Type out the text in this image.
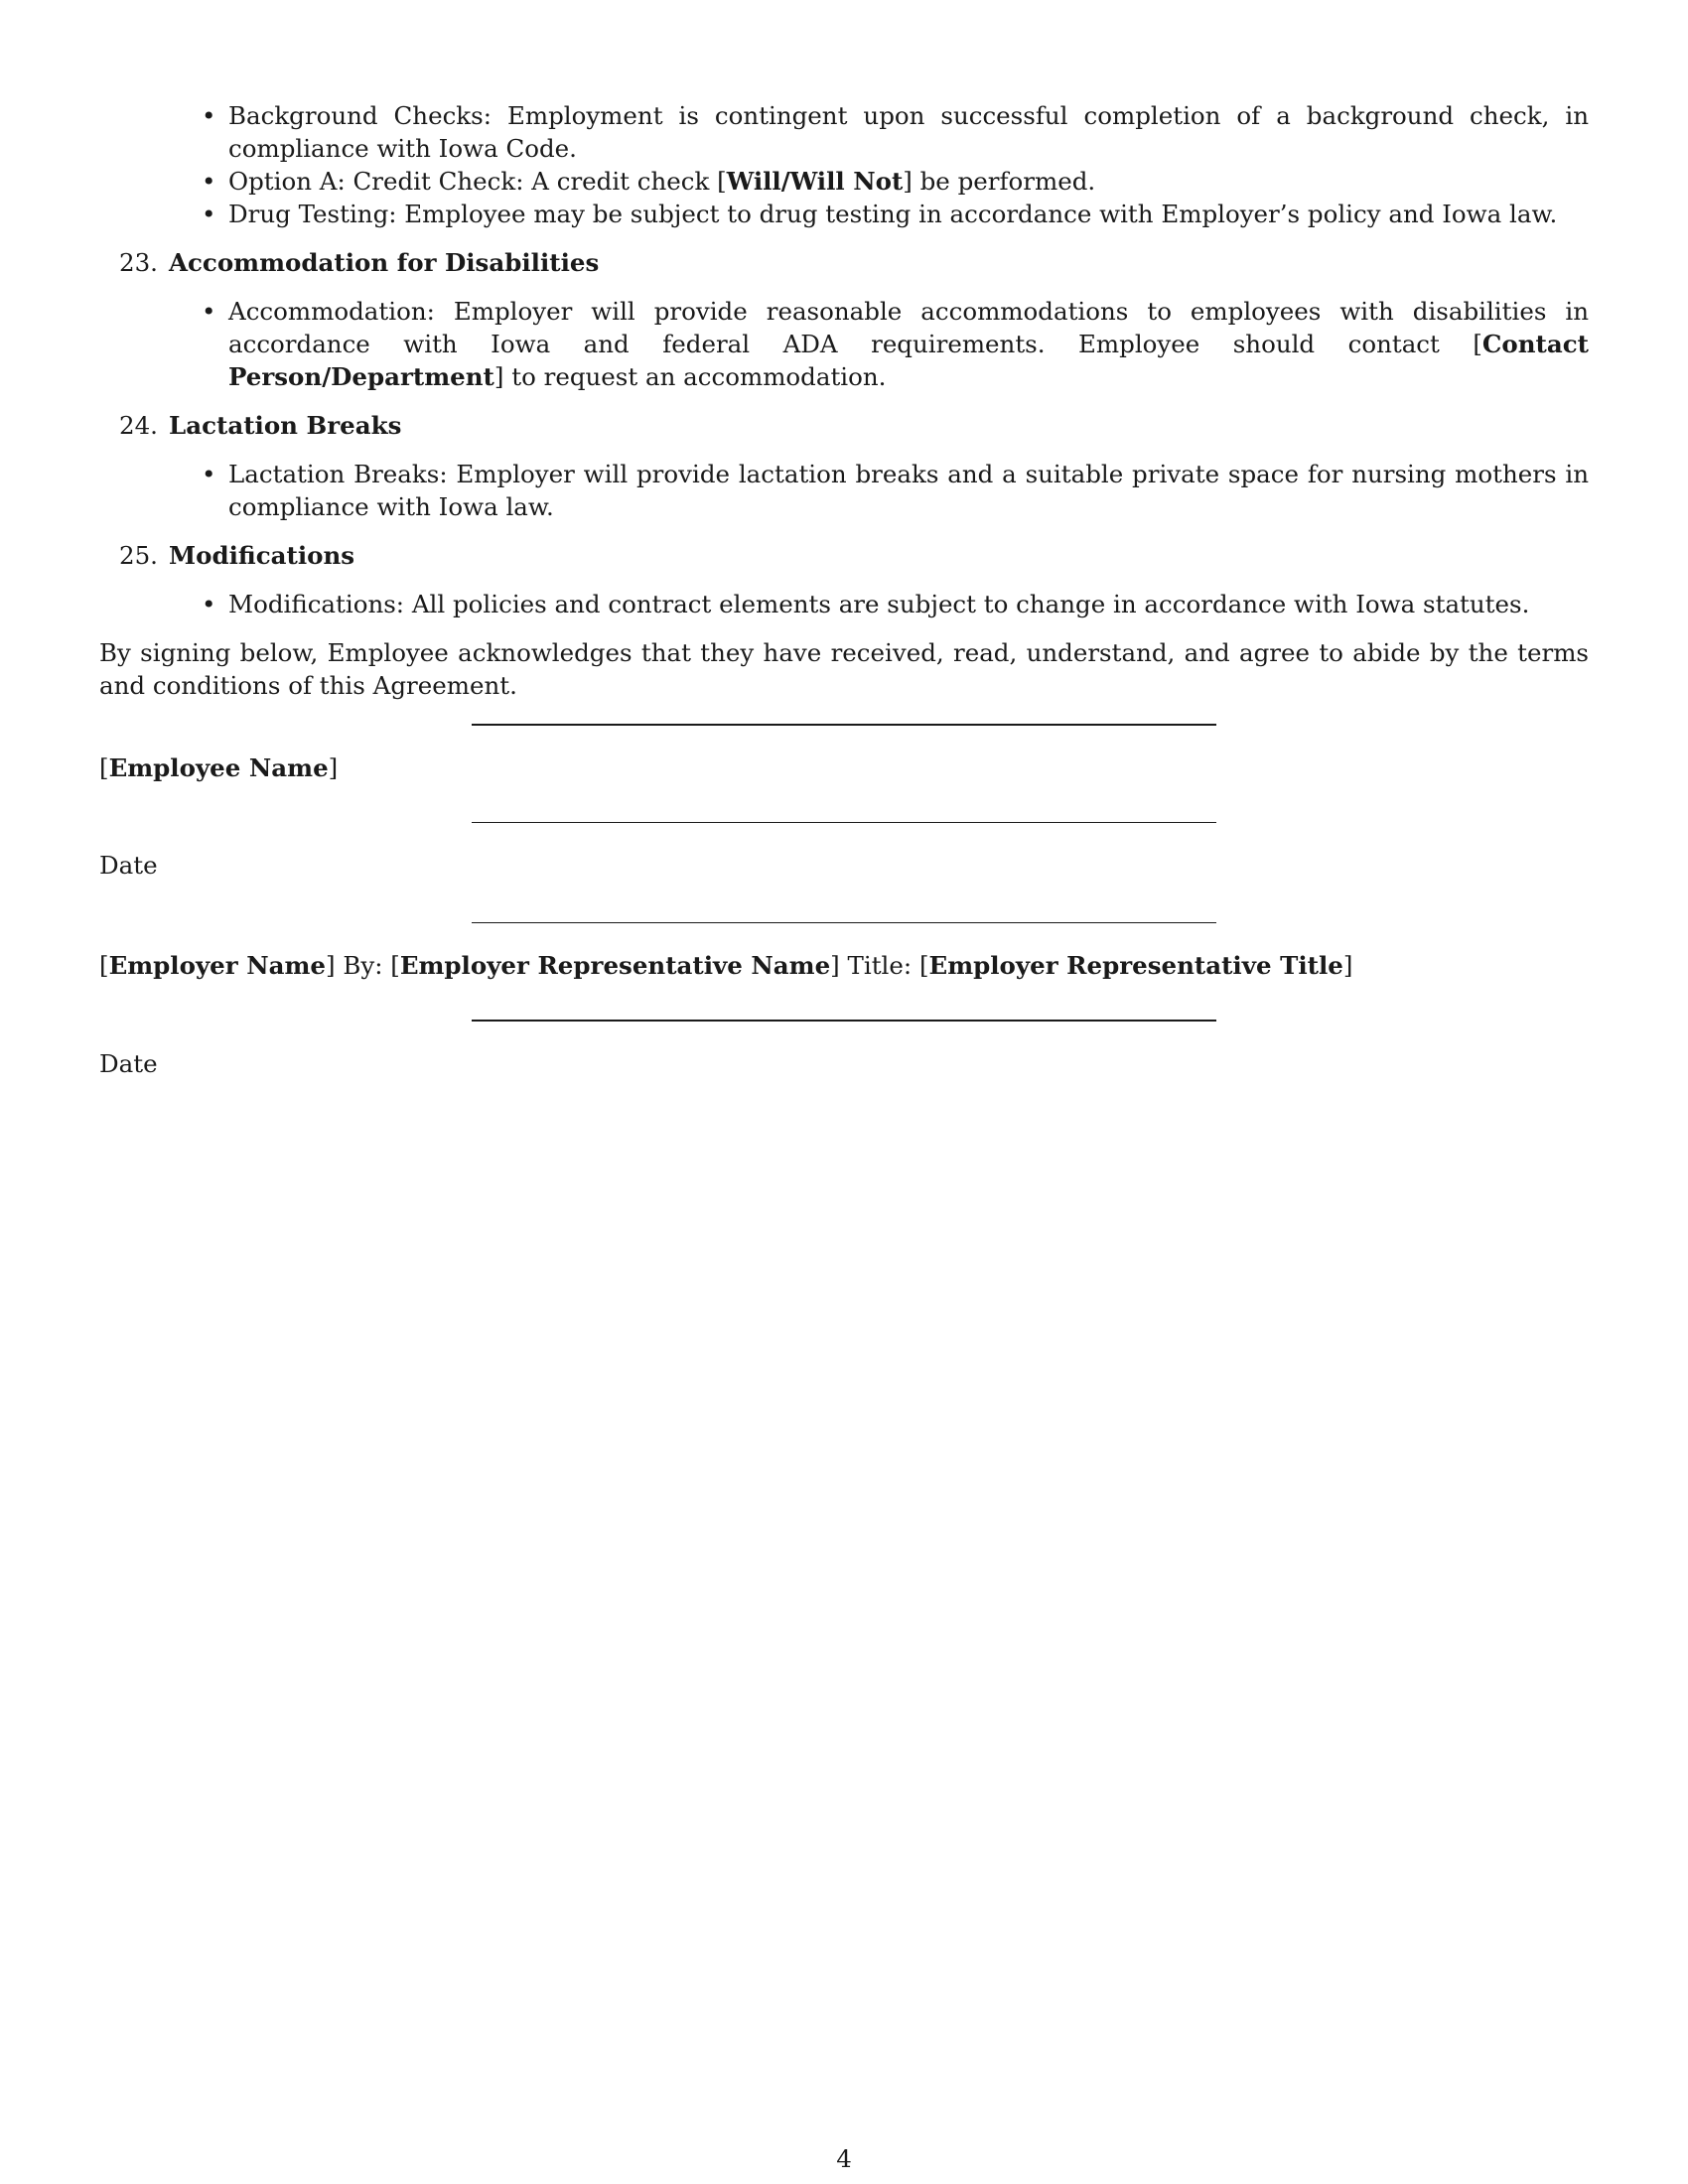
• Background Checks: Employment is contingent upon successful completion of a background check, in compliance with Iowa Code.
• Option A: Credit Check: A credit check [Will/Will Not] be performed.
• Drug Testing: Employee may be subject to drug testing in accordance with Employer’s policy and Iowa law.
23. Accommodation for Disabilities
• Accommodation: Employer will provide reasonable accommodations to employees with disabilities in accordance with Iowa and federal ADA requirements. Employee should contact [Contact Person/Department] to request an accommodation.
24. Lactation Breaks
• Lactation Breaks: Employer will provide lactation breaks and a suitable private space for nursing mothers in compliance with Iowa law.
25. Modifications
• Modifications: All policies and contract elements are subject to change in accordance with Iowa statutes.
By signing below, Employee acknowledges that they have received, read, understand, and agree to abide by the terms and conditions of this Agreement.
[Employee Name]
Date
[Employer Name] By: [Employer Representative Name] Title: [Employer Representative Title]
Date
4
